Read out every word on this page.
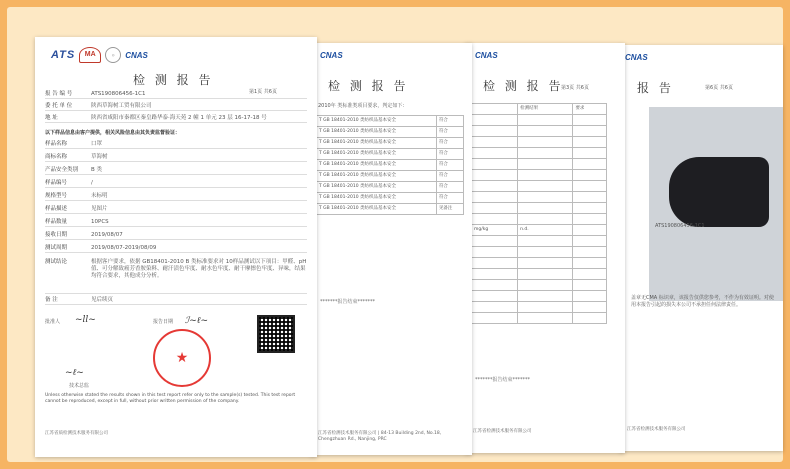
CNAS
报 告	第6页 共6页
ATS190806456-1C1
盖章无CMA 标识章，该报告仅供您参考，不作为有效证明。对使用本报告引起的损失本公司不承担任何法律责任。
江苏省检测技术服务有限公司
CNAS
检 测 报 告
第3页 共6页
	检测结果	要求

mg/kg	n.d.	

*******报告结束*******
江苏省检测技术服务有限公司
CNAS
检 测 报 告
2010年 类标准类项目要求，判定如下：
T GB 18401-2010 类纺织品基本安全	符合
T GB 18401-2010 类纺织品基本安全	符合
T GB 18401-2010 类纺织品基本安全	符合
T GB 18401-2010 类纺织品基本安全	符合
T GB 18401-2010 类纺织品基本安全	符合
T GB 18401-2010 类纺织品基本安全	符合
T GB 18401-2010 类纺织品基本安全	符合
T GB 18401-2010 类纺织品基本安全	符合
T GB 18401-2010 类纺织品基本安全	见备注
*******报告结束*******
江苏省检测技术服务有限公司 | 84-13 Building 2nd, No.18, Chengzhuan Rd., Nanjing, PRC
ATS	MA	◎	CNAS
检 测 报 告
第1页 共6页
报 告 编 号	ATS190806456-1C1
委 托 单 位	陕西草海树工贸有限公司
地 址	陕西省咸阳市秦都区秦皇路华泰·海天苑 2 幢 1 单元 23 层 16-17-18 号
以下样品信息由客户提供，相关风险信息由其负责监督验证：
样品名称	口罩
商标名称	草海树
产品安全类别	B 类
样品编号	/
规格型号	未标明
样品描述	见图片
样品数量	10PCS
接收日期	2019/08/07
测试周期	2019/08/07-2019/08/09
测试结论	根据客户要求，依据 GB18401-2010 B 类标准要求对 10样品测试以下项目：甲醛、pH值、可分解致癌芳香胺染料、耐汗渍色牢度、耐水色牢度、耐干摩擦色牢度、异味，结果均符合要求，其他成分分析。
备 注	见后续页
批准人 ~ll~	报告日期 ℐ~ℓ~
★
~ℓ~
技术总监
Unless otherwise stated the results shown in this test report refer only to the sample(s) tested. This test report cannot be reproduced, except in full, without prior written permission of the company.
江苏省质检测技术服务有限公司
